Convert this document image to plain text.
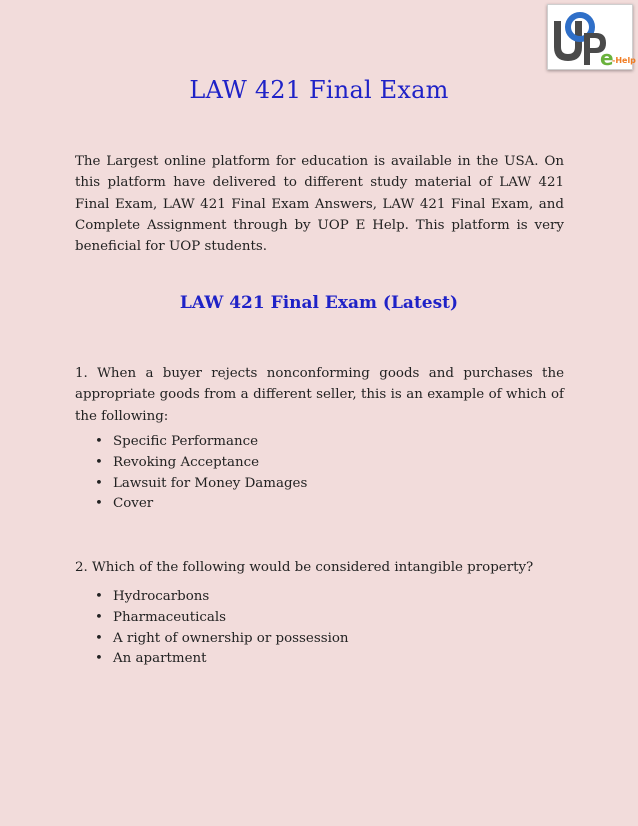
e
-Help
LAW 421 Final Exam

The Largest online platform for education is available in the USA. On this platform have delivered to different study material of LAW 421 Final Exam, LAW 421 Final Exam Answers, LAW 421 Final Exam, and Complete Assignment through by UOP E Help. This platform is very beneficial for UOP students.

LAW 421 Final Exam (Latest)

1. When a buyer rejects nonconforming goods and purchases the appropriate goods from a different seller, this is an example of which of the following:

• Specific Performance
• Revoking Acceptance
• Lawsuit for Money Damages
• Cover

2. Which of the following would be considered intangible property?

• Hydrocarbons
• Pharmaceuticals
• A right of ownership or possession
• An apartment
